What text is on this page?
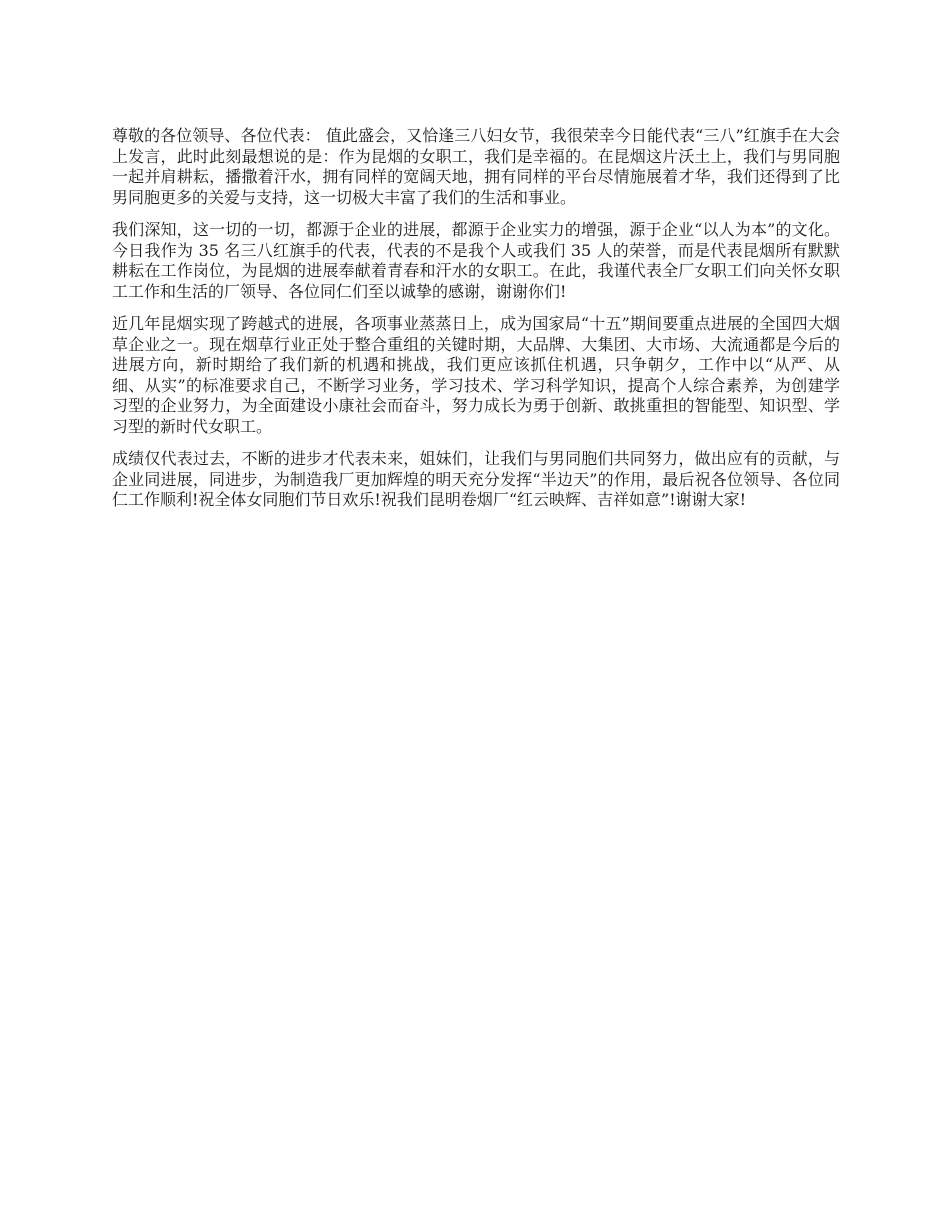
尊敬的各位领导、各位代表： 值此盛会，又恰逢三八妇女节，我很荣幸今日能代表“三八”红旗手在大会上发言，此时此刻最想说的是：作为昆烟的女职工，我们是幸福的。在昆烟这片沃土上，我们与男同胞一起并肩耕耘，播撒着汗水，拥有同样的宽阔天地，拥有同样的平台尽情施展着才华，我们还得到了比男同胞更多的关爱与支持，这一切极大丰富了我们的生活和事业。

我们深知，这一切的一切，都源于企业的进展，都源于企业实力的增强，源于企业“以人为本”的文化。今日我作为 35 名三八红旗手的代表，代表的不是我个人或我们 35 人的荣誉，而是代表昆烟所有默默耕耘在工作岗位，为昆烟的进展奉献着青春和汗水的女职工。在此，我谨代表全厂女职工们向关怀女职工工作和生活的厂领导、各位同仁们至以诚挚的感谢，谢谢你们!

近几年昆烟实现了跨越式的进展，各项事业蒸蒸日上，成为国家局“十五”期间要重点进展的全国四大烟草企业之一。现在烟草行业正处于整合重组的关键时期，大品牌、大集团、大市场、大流通都是今后的进展方向，新时期给了我们新的机遇和挑战，我们更应该抓住机遇，只争朝夕，工作中以“从严、从细、从实”的标准要求自己，不断学习业务，学习技术、学习科学知识，提高个人综合素养，为创建学习型的企业努力，为全面建设小康社会而奋斗，努力成长为勇于创新、敢挑重担的智能型、知识型、学习型的新时代女职工。

成绩仅代表过去，不断的进步才代表未来，姐妹们，让我们与男同胞们共同努力，做出应有的贡献，与企业同进展，同进步，为制造我厂更加辉煌的明天充分发挥“半边天”的作用，最后祝各位领导、各位同仁工作顺利!祝全体女同胞们节日欢乐!祝我们昆明卷烟厂“红云映辉、吉祥如意”!谢谢大家!
